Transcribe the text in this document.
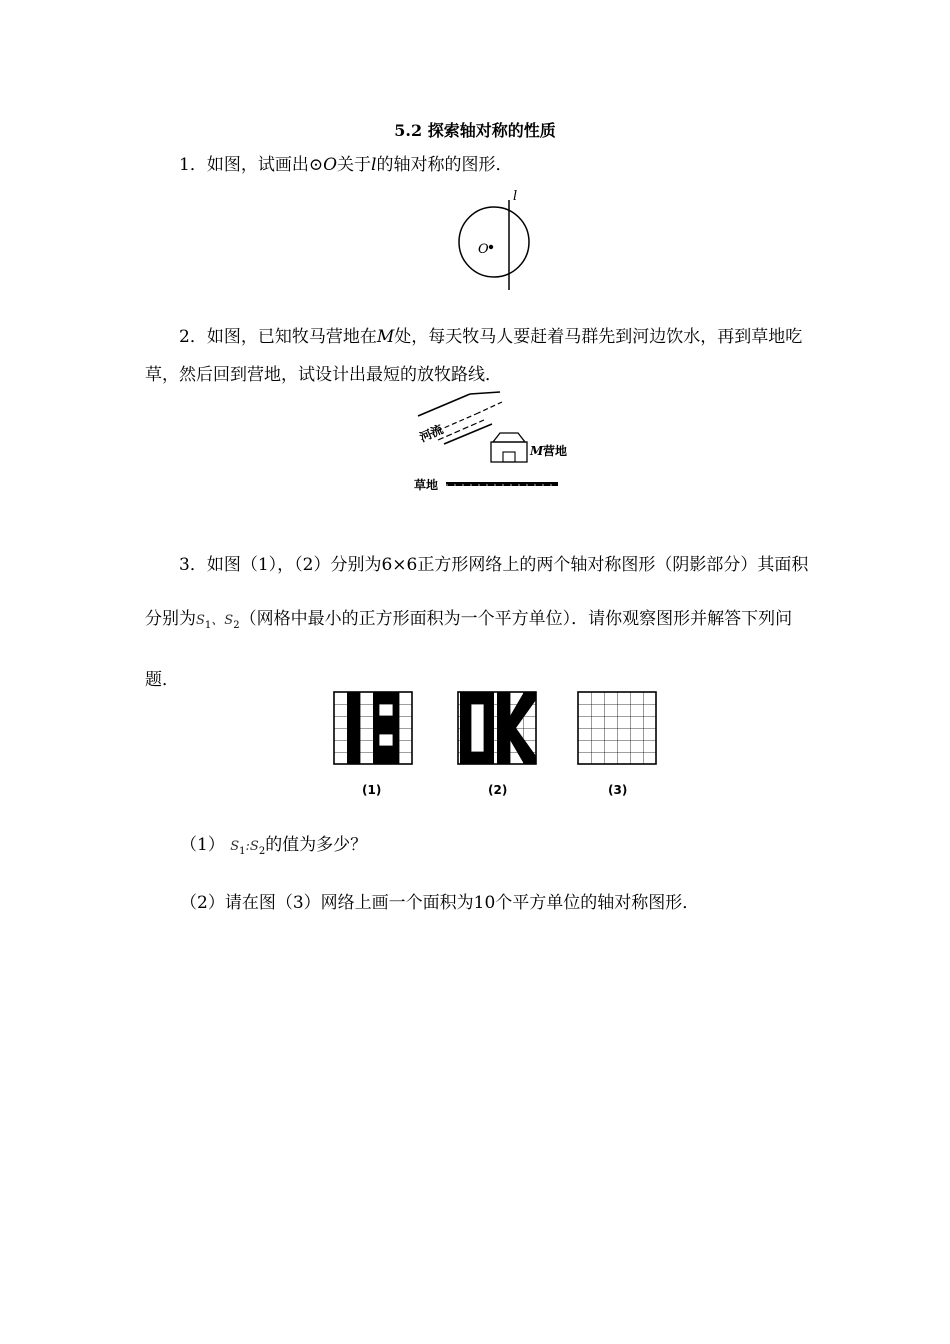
5.2 探索轴对称的性质

1．如图，试画出⊙O关于l的轴对称的图形．

O
l

2．如图，已知牧马营地在M处，每天牧马人要赶着马群先到河边饮水，再到草地吃草，然后回到营地，试设计出最短的放牧路线．

河流
M 营地
草地

3．如图（1），（2）分别为6×6正方形网络上的两个轴对称图形（阴影部分）其面积分别为$S_1$、$S_2$（网格中最小的正方形面积为一个平方单位）．请你观察图形并解答下列问题．

(1)	(2)	(3)

（1） $S_1:S_2$的值为多少？

（2）请在图（3）网络上画一个面积为10个平方单位的轴对称图形．
